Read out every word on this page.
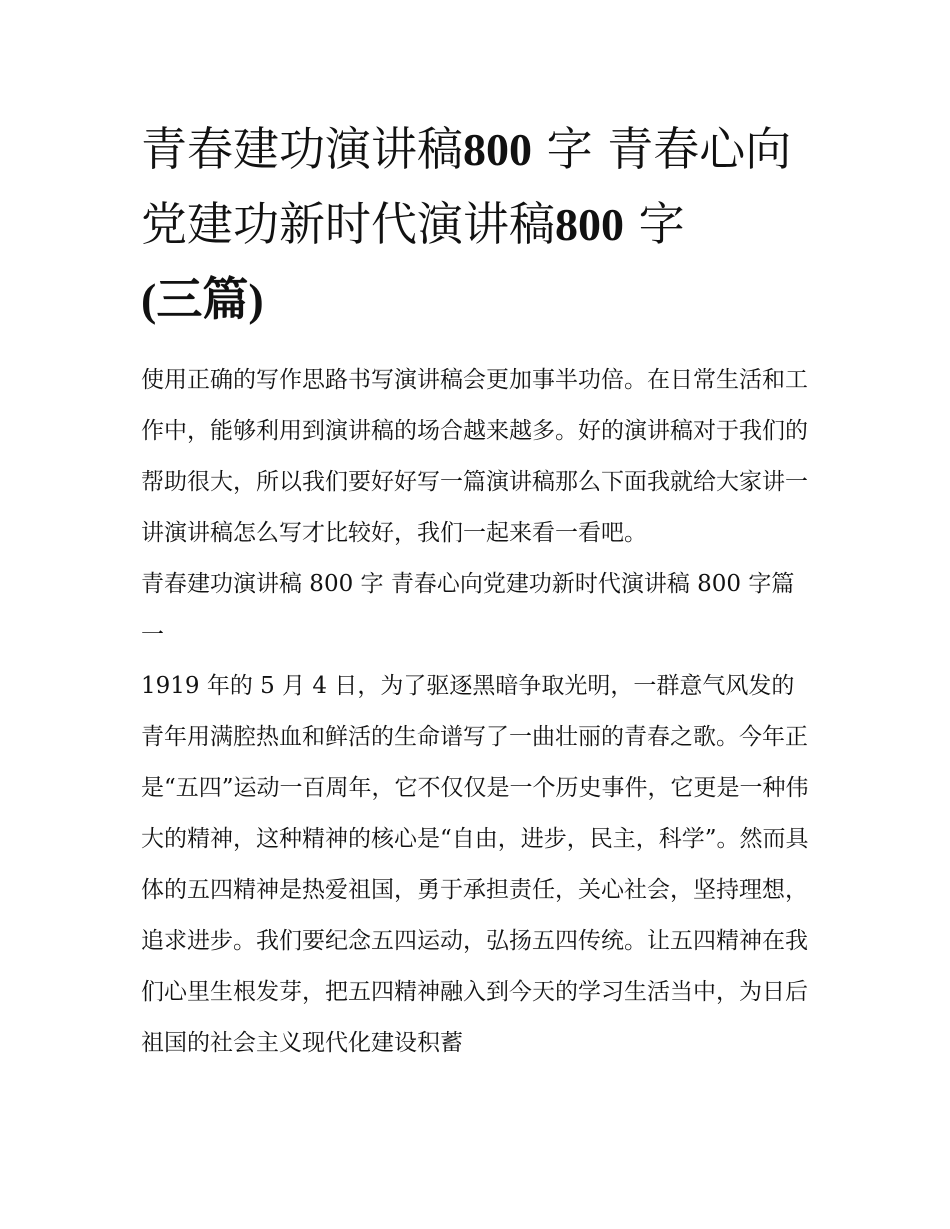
青春建功演讲稿800 字 青春心向党建功新时代演讲稿800 字
(三篇)

使用正确的写作思路书写演讲稿会更加事半功倍。在日常生活和工作中，能够利用到演讲稿的场合越来越多。好的演讲稿对于我们的帮助很大，所以我们要好好写一篇演讲稿那么下面我就给大家讲一讲演讲稿怎么写才比较好，我们一起来看一看吧。

青春建功演讲稿 800 字 青春心向党建功新时代演讲稿 800 字篇一

1919 年的 5 月 4 日，为了驱逐黑暗争取光明，一群意气风发的青年用满腔热血和鲜活的生命谱写了一曲壮丽的青春之歌。今年正是“五四”运动一百周年，它不仅仅是一个历史事件，它更是一种伟大的精神，这种精神的核心是“自由，进步，民主，科学”。然而具体的五四精神是热爱祖国，勇于承担责任，关心社会，坚持理想，追求进步。我们要纪念五四运动，弘扬五四传统。让五四精神在我们心里生根发芽，把五四精神融入到今天的学习生活当中，为日后祖国的社会主义现代化建设积蓄
